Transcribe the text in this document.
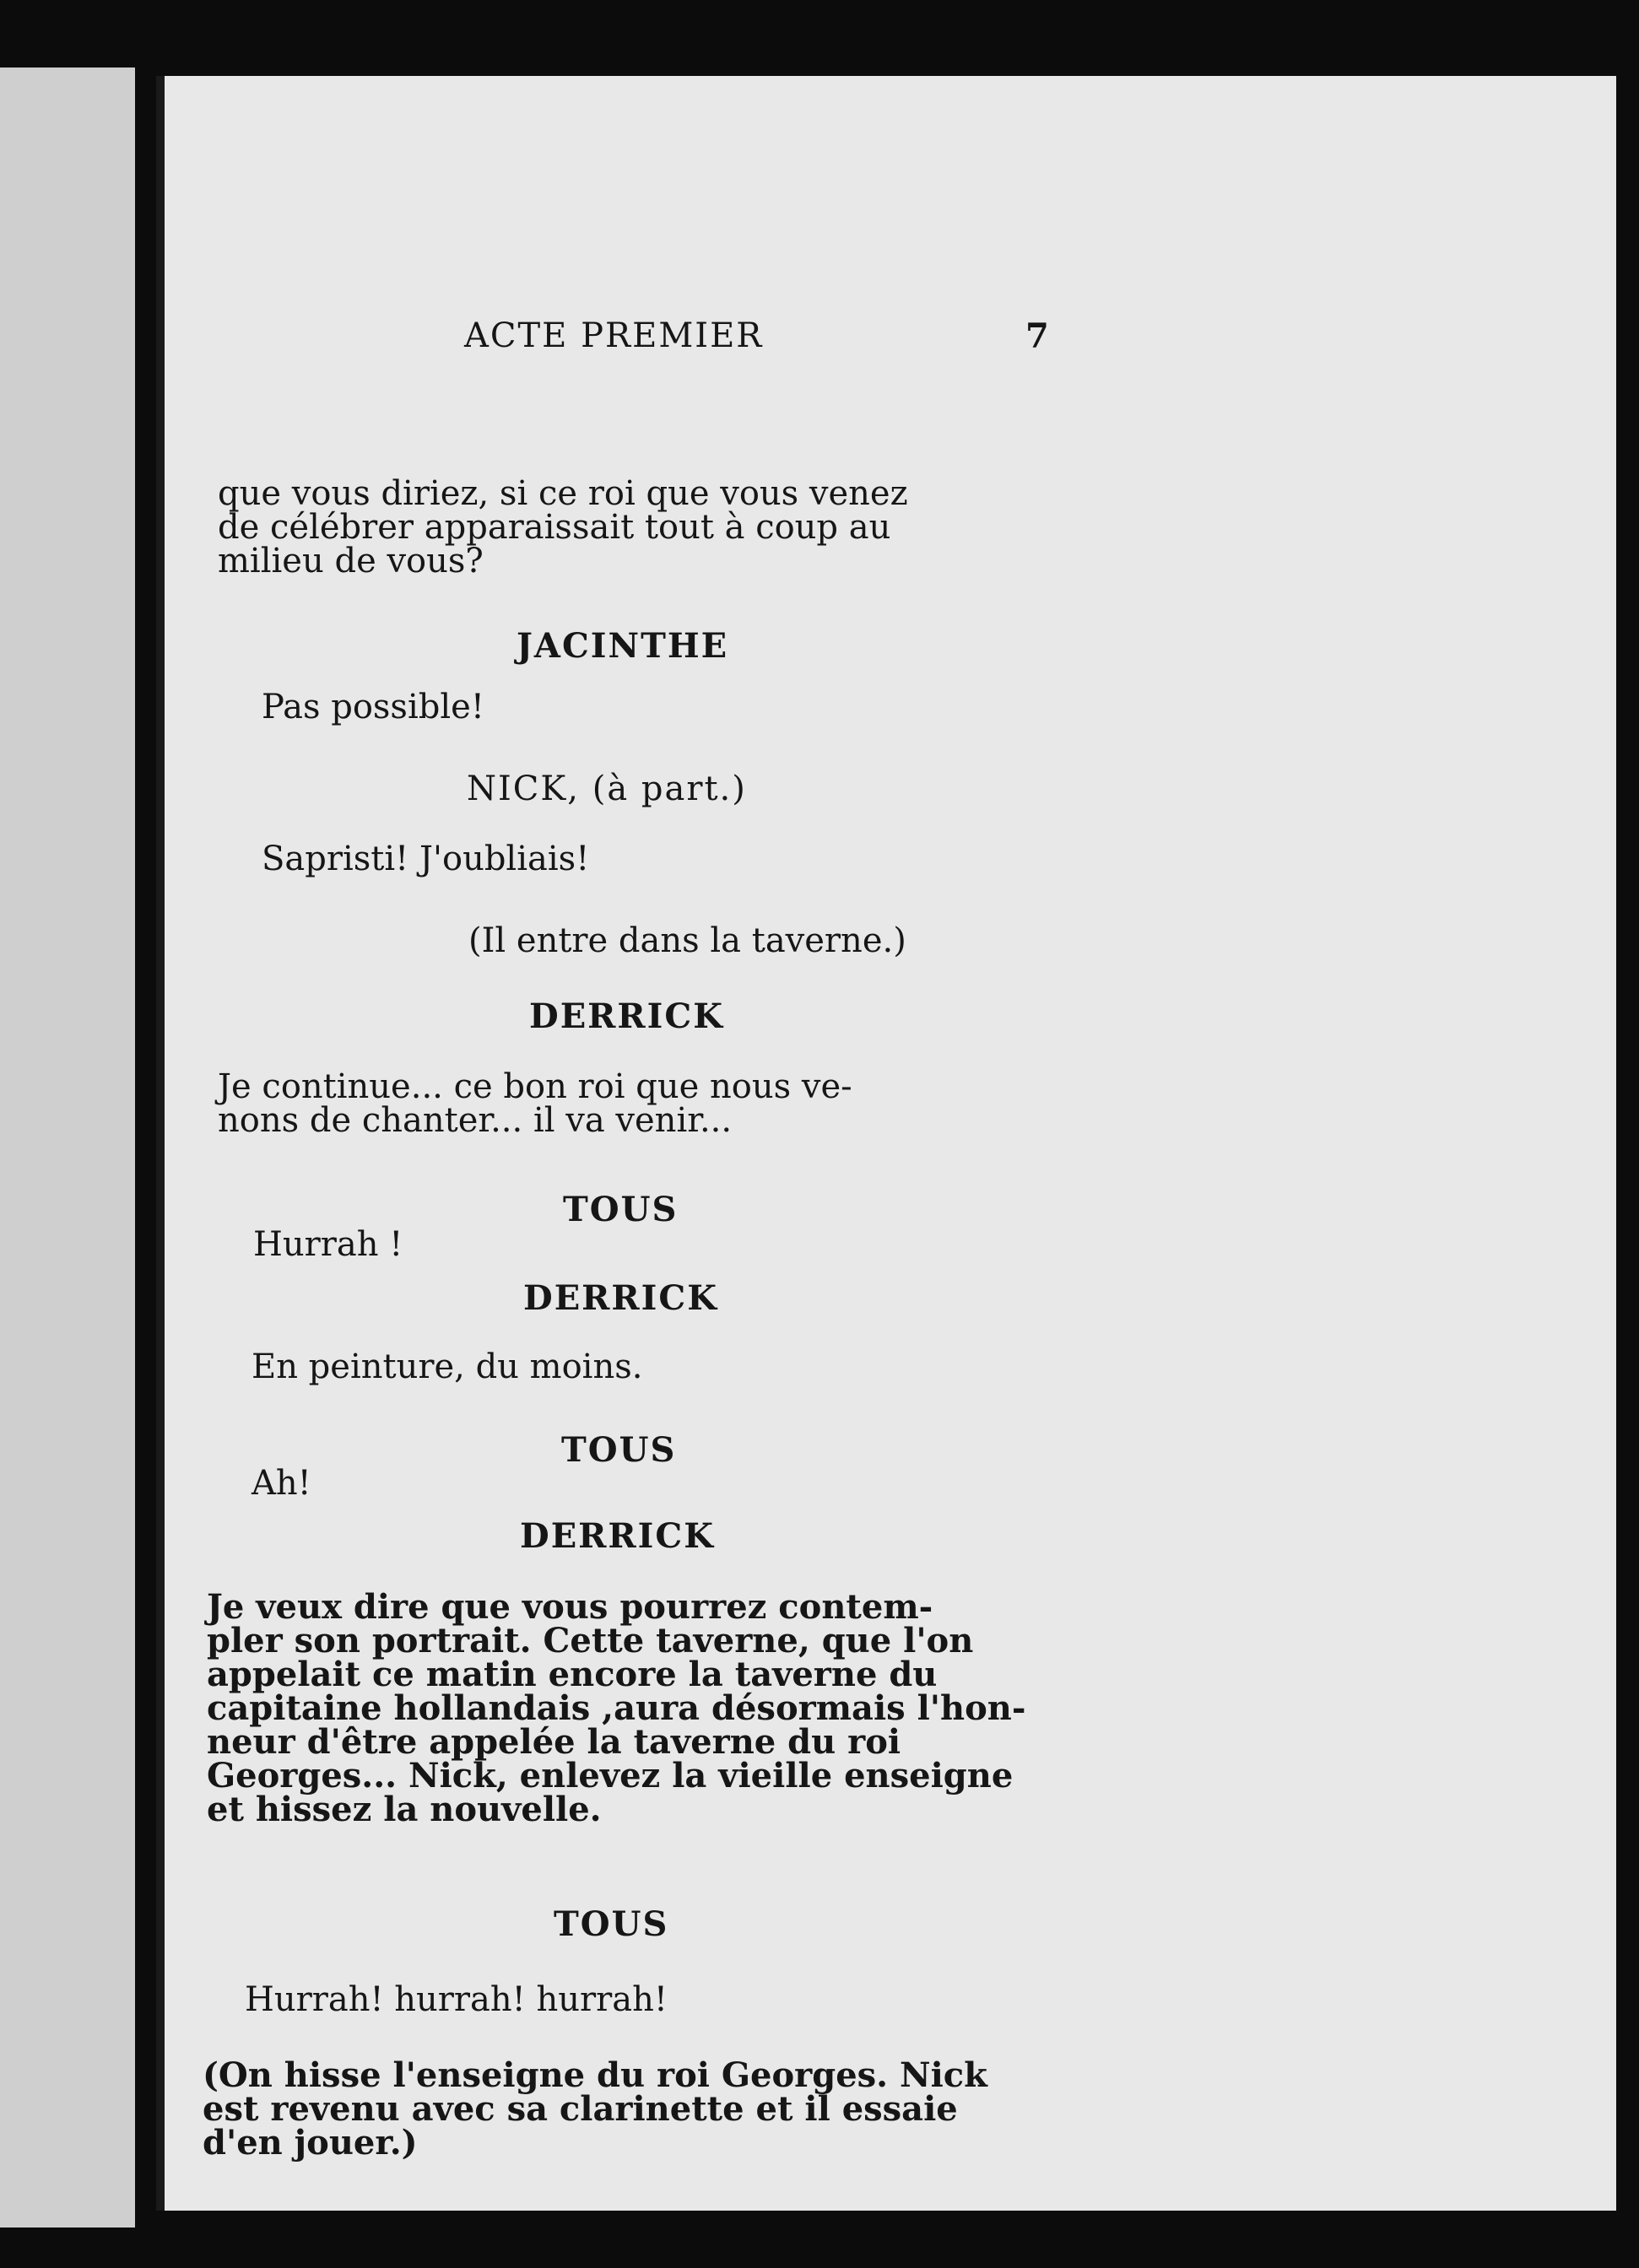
ACTE PREMIER	7
que vous diriez, si ce roi que vous venez
de célébrer apparaissait tout à coup au
milieu de vous?
JACINTHE
Pas possible!
NICK, (à part.)
Sapristi! J'oubliais!
(Il entre dans la taverne.)
DERRICK
Je continue... ce bon roi que nous ve-
nons de chanter... il va venir...
TOUS
Hurrah !
DERRICK
En peinture, du moins.
TOUS
Ah!
DERRICK
Je veux dire que vous pourrez contem-
pler son portrait. Cette taverne, que l'on
appelait ce matin encore la taverne du
capitaine hollandais ,aura désormais l'hon-
neur d'être appelée la taverne du roi
Georges... Nick, enlevez la vieille enseigne
et hissez la nouvelle.
TOUS
Hurrah! hurrah! hurrah!
(On hisse l'enseigne du roi Georges. Nick
est revenu avec sa clarinette et il essaie
d'en jouer.)
